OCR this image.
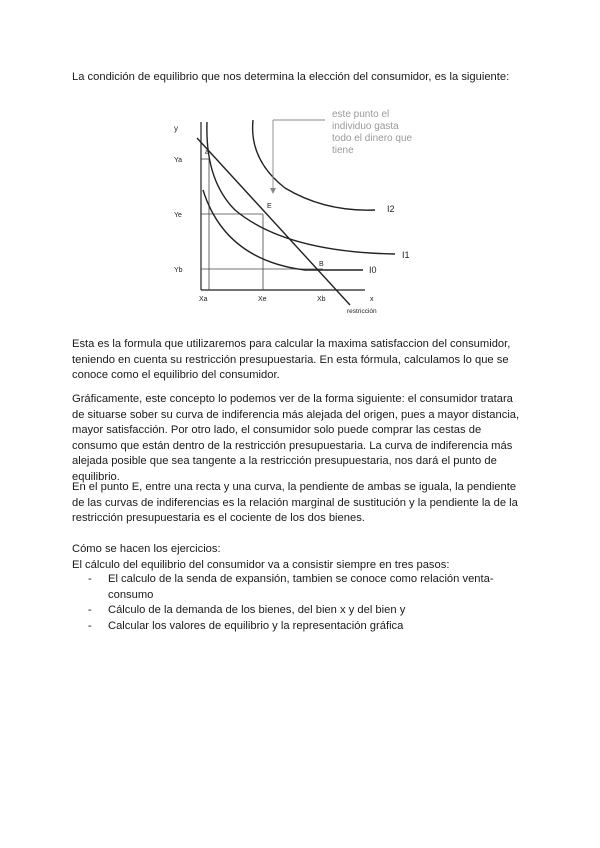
La condición de equilibrio que nos determina la elección del consumidor, es la siguiente:

este punto el
individuo gasta
todo el dinero que
tiene
y
Ya
Ye
Yb
Xa	Xe	Xb	x
restricción
a
E
B
I2
I1
I0

Esta es la formula que utilizaremos para calcular la maxima satisfaccion del consumidor, teniendo en cuenta su restricción presupuestaria. En esta fórmula, calculamos lo que se conoce como el equilibrio del consumidor.

Gráficamente, este concepto lo podemos ver de la forma siguiente: el consumidor tratara de situarse sober su curva de indiferencia más alejada del origen, pues a mayor distancia, mayor satisfacción. Por otro lado, el consumidor solo puede comprar las cestas de consumo que están dentro de la restricción presupuestaria. La curva de indiferencia más alejada posible que sea tangente a la restricción presupuestaria, nos dará el punto de equilibrio.

En el punto E, entre una recta y una curva, la pendiente de ambas se iguala, la pendiente de las curvas de indiferencias es la relación marginal de sustitución y la pendiente la de la restricción presupuestaria es el cociente de los dos bienes.

Cómo se hacen los ejercicios:
El cálculo del equilibrio del consumidor va a consistir siempre en tres pasos:

- El calculo de la senda de expansión, tambien se conoce como relación venta-consumo
- Cálculo de la demanda de los bienes, del bien x y del bien y
- Calcular los valores de equilibrio y la representación gráfica
